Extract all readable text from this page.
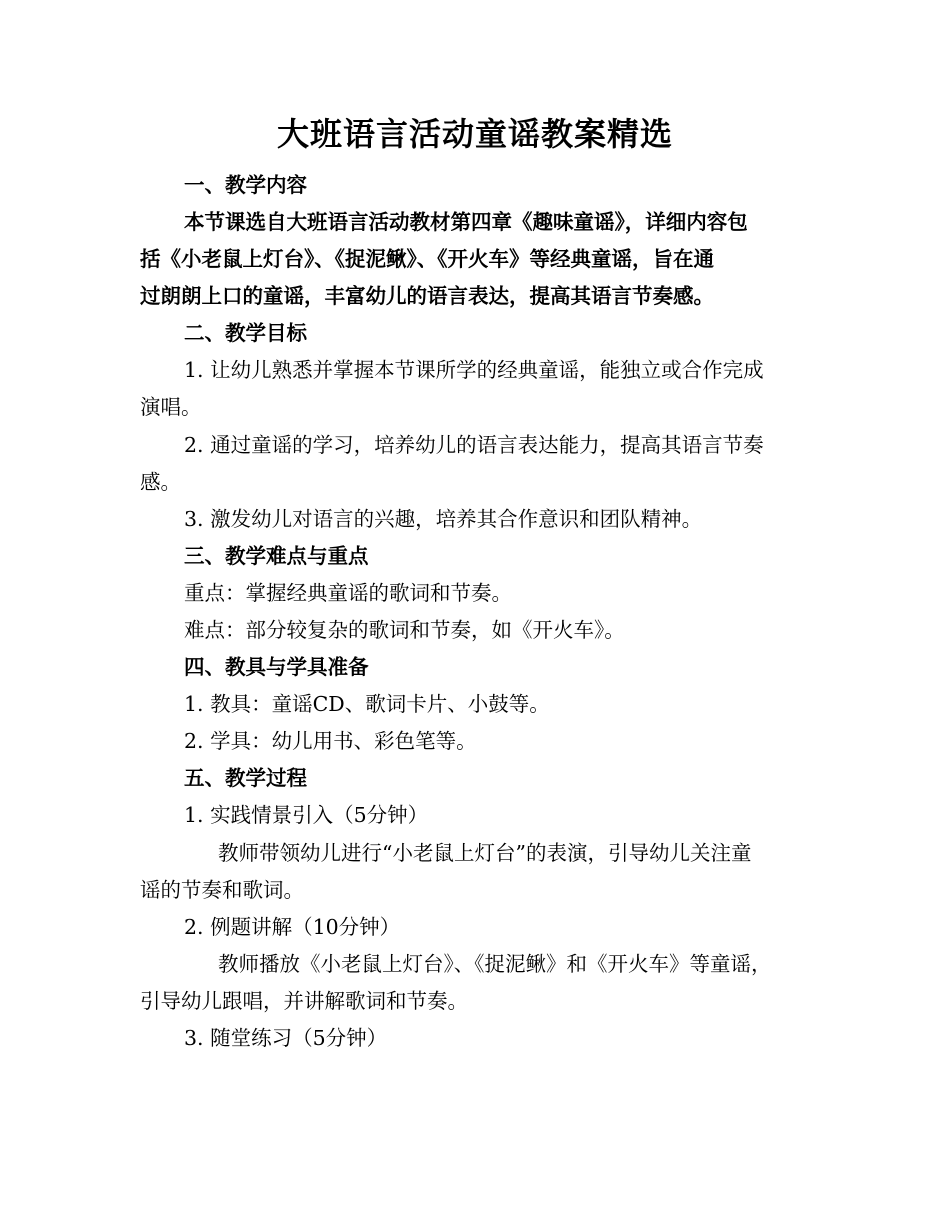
大班语言活动童谣教案精选
一、教学内容
本节课选自大班语言活动教材第四章《趣味童谣》，详细内容包
括《小老鼠上灯台》、《捉泥鳅》、《开火车》等经典童谣，旨在通
过朗朗上口的童谣，丰富幼儿的语言表达，提高其语言节奏感。
二、教学目标
1. 让幼儿熟悉并掌握本节课所学的经典童谣，能独立或合作完成
演唱。
2. 通过童谣的学习，培养幼儿的语言表达能力，提高其语言节奏
感。
3. 激发幼儿对语言的兴趣，培养其合作意识和团队精神。
三、教学难点与重点
重点：掌握经典童谣的歌词和节奏。
难点：部分较复杂的歌词和节奏，如《开火车》。
四、教具与学具准备
1. 教具：童谣CD、歌词卡片、小鼓等。
2. 学具：幼儿用书、彩色笔等。
五、教学过程
1. 实践情景引入（5分钟）
教师带领幼儿进行“小老鼠上灯台”的表演，引导幼儿关注童
谣的节奏和歌词。
2. 例题讲解（10分钟）
教师播放《小老鼠上灯台》、《捉泥鳅》和《开火车》等童谣，
引导幼儿跟唱，并讲解歌词和节奏。
3. 随堂练习（5分钟）
